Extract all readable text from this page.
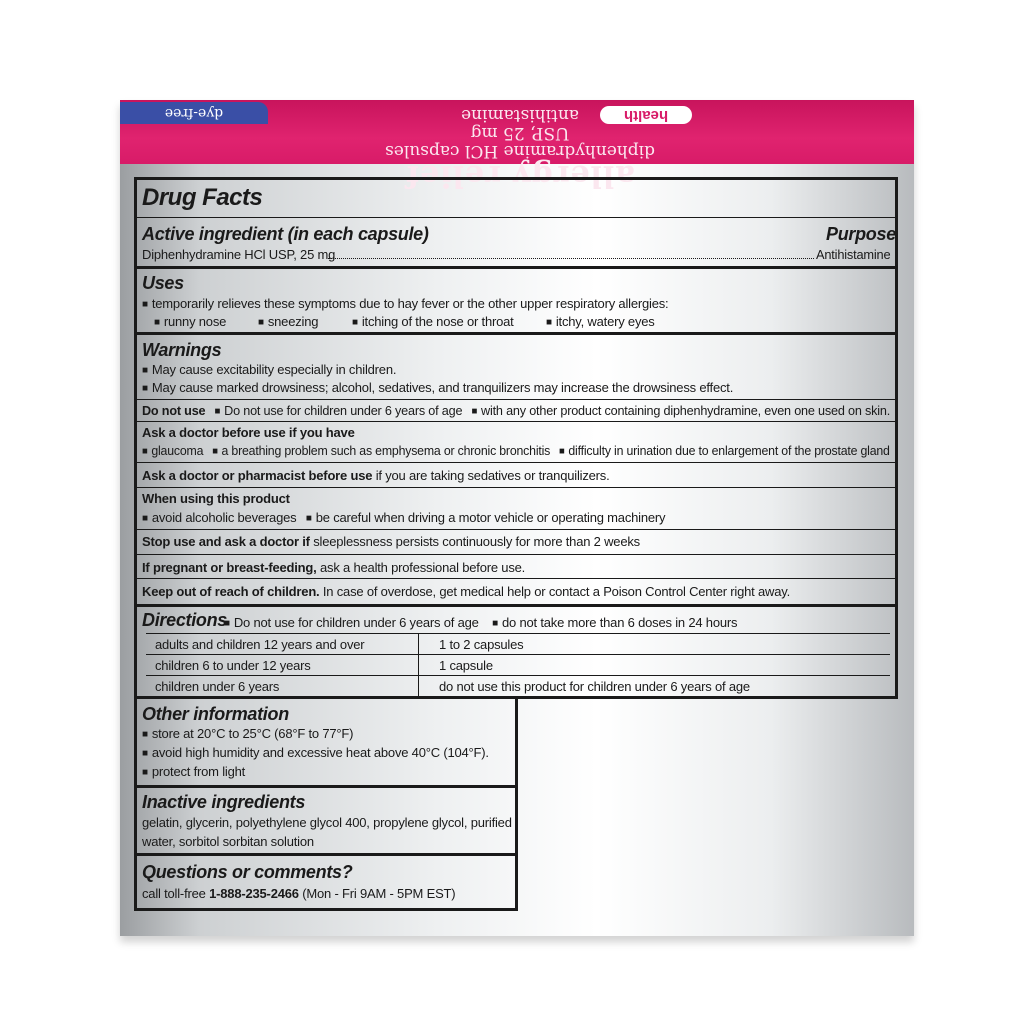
health
allergy relief
diphenhydramine HCl capsules USP, 25 mg
antihistamine
dye-free
Drug Facts
Active ingredient (in each capsule)	Purpose
Diphenhydramine HCl USP, 25 mg	Antihistamine
Uses
■ temporarily relieves these symptoms due to hay fever or the other upper respiratory allergies:
■ runny nose	■ sneezing	■ itching of the nose or throat	■ itchy, watery eyes
Warnings
■ May cause excitability especially in children.
■ May cause marked drowsiness; alcohol, sedatives, and tranquilizers may increase the drowsiness effect.
Do not use ■ Do not use for children under 6 years of age ■ with any other product containing diphenhydramine, even one used on skin.
Ask a doctor before use if you have
■ glaucoma ■ a breathing problem such as emphysema or chronic bronchitis ■ difficulty in urination due to enlargement of the prostate gland
Ask a doctor or pharmacist before use if you are taking sedatives or tranquilizers.
When using this product
■ avoid alcoholic beverages ■ be careful when driving a motor vehicle or operating machinery
Stop use and ask a doctor if sleeplessness persists continuously for more than 2 weeks
If pregnant or breast-feeding, ask a health professional before use.
Keep out of reach of children. In case of overdose, get medical help or contact a Poison Control Center right away.
Directions ■ Do not use for children under 6 years of age ■ do not take more than 6 doses in 24 hours
adults and children 12 years and over	1 to 2 capsules
children 6 to under 12 years	1 capsule
children under 6 years	do not use this product for children under 6 years of age
Other information
■ store at 20°C to 25°C (68°F to 77°F)
■ avoid high humidity and excessive heat above 40°C (104°F).
■ protect from light
Inactive ingredients
gelatin, glycerin, polyethylene glycol 400, propylene glycol, purified
water, sorbitol sorbitan solution
Questions or comments?
call toll-free 1-888-235-2466 (Mon - Fri 9AM - 5PM EST)
